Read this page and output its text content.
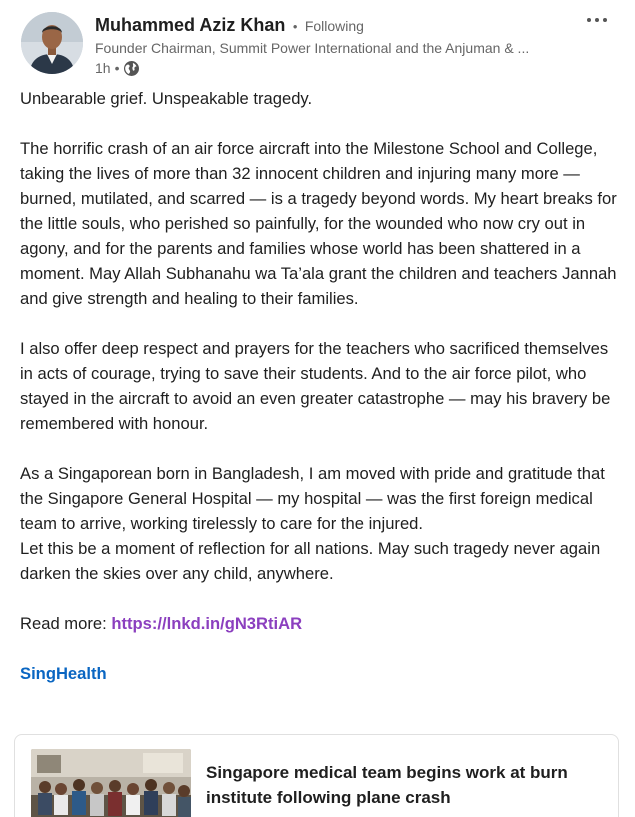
Muhammed Aziz Khan • Following
Founder Chairman, Summit Power International and the Anjuman & ...
1h •

Unbearable grief. Unspeakable tragedy.

The horrific crash of an air force aircraft into the Milestone School and College, taking the lives of more than 32 innocent children and injuring many more — burned, mutilated, and scarred — is a tragedy beyond words. My heart breaks for the little souls, who perished so painfully, for the wounded who now cry out in agony, and for the parents and families whose world has been shattered in a moment. May Allah Subhanahu wa Ta’ala grant the children and teachers Jannah and give strength and healing to their families.

I also offer deep respect and prayers for the teachers who sacrificed themselves in acts of courage, trying to save their students. And to the air force pilot, who stayed in the aircraft to avoid an even greater catastrophe — may his bravery be remembered with honour.

As a Singaporean born in Bangladesh, I am moved with pride and gratitude that the Singapore General Hospital — my hospital — was the first foreign medical team to arrive, working tirelessly to care for the injured.

Let this be a moment of reflection for all nations. May such tragedy never again darken the skies over any child, anywhere.

Read more: https://lnkd.in/gN3RtiAR

SingHealth

Singapore medical team begins work at burn institute following plane crash
